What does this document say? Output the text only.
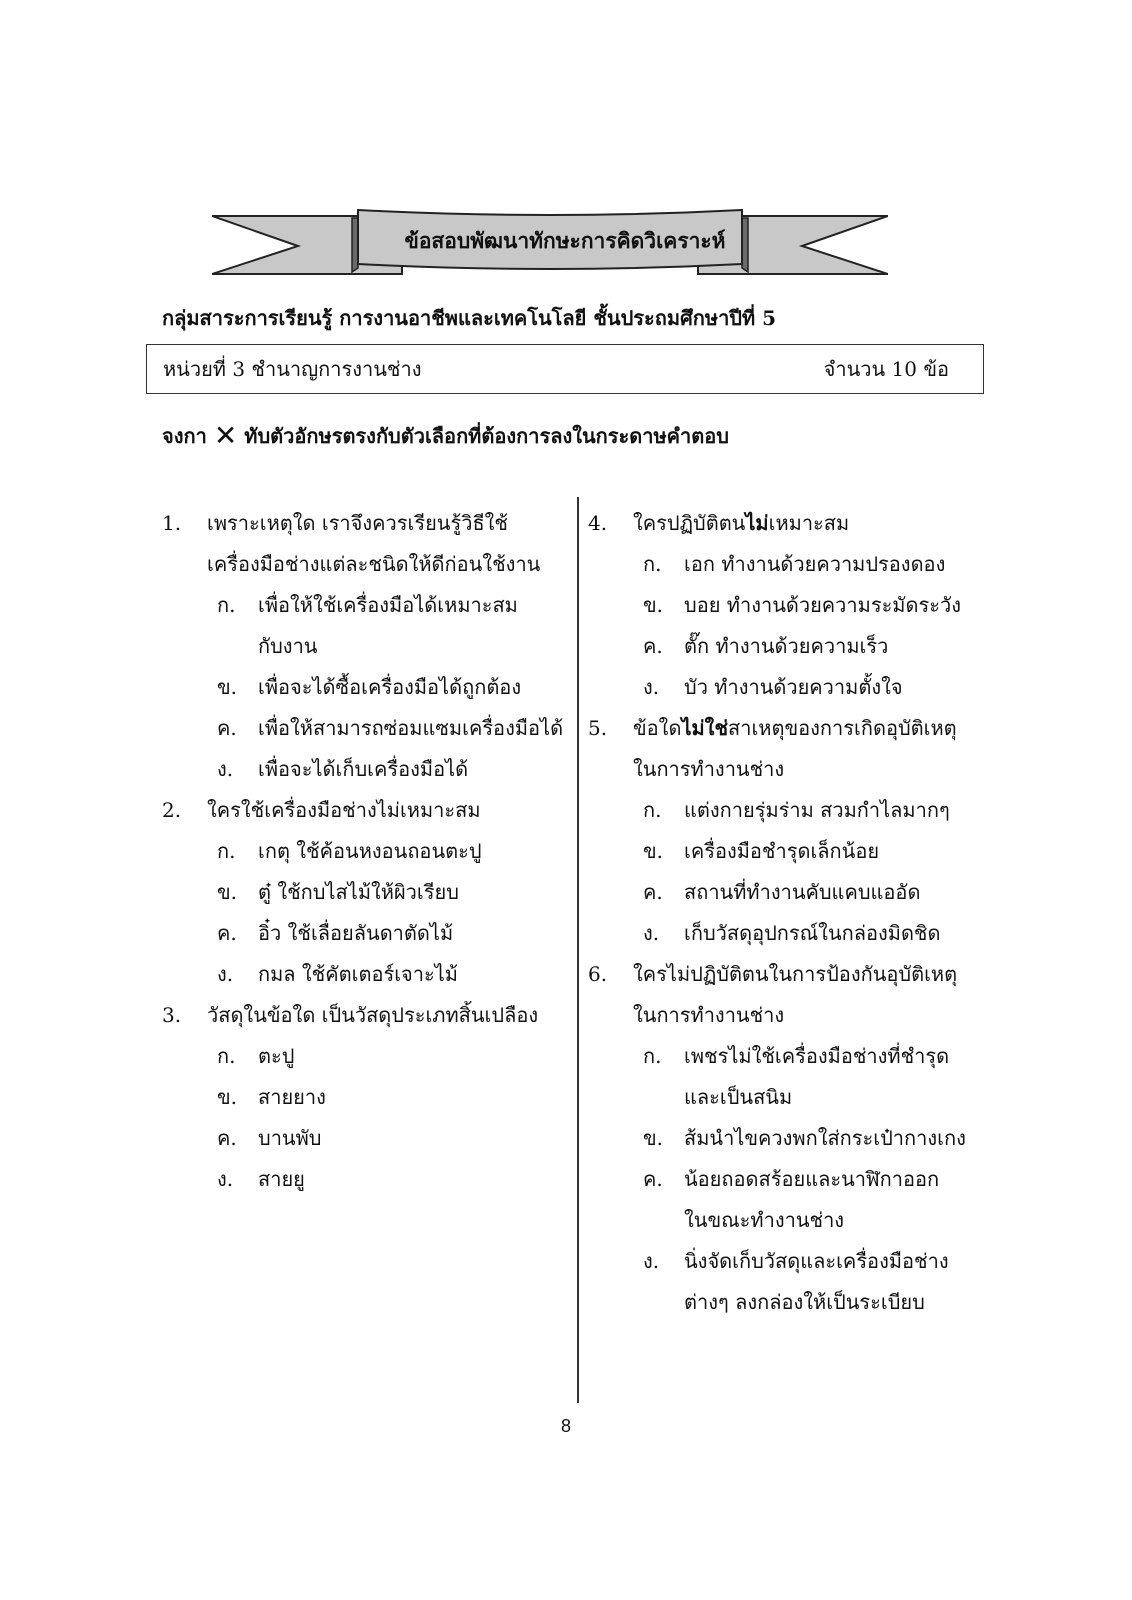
ข้อสอบพัฒนาทักษะการคิดวิเคราะห์
กลุ่มสาระการเรียนรู้ การงานอาชีพและเทคโนโลยี ชั้นประถมศึกษาปีที่ 5
หน่วยที่ 3 ชำนาญการงานช่าง	จำนวน 10 ข้อ
จงกา ✕ ทับตัวอักษรตรงกับตัวเลือกที่ต้องการลงในกระดาษคำตอบ
1. เพราะเหตุใด เราจึงควรเรียนรู้วิธีใช้
เครื่องมือช่างแต่ละชนิดให้ดีก่อนใช้งาน
ก. เพื่อให้ใช้เครื่องมือได้เหมาะสม
กับงาน
ข. เพื่อจะได้ซื้อเครื่องมือได้ถูกต้อง
ค. เพื่อให้สามารถซ่อมแซมเครื่องมือได้
ง. เพื่อจะได้เก็บเครื่องมือได้
2. ใครใช้เครื่องมือช่างไม่เหมาะสม
ก. เกตุ ใช้ค้อนหงอนถอนตะปู
ข. ตู๋ ใช้กบไสไม้ให้ผิวเรียบ
ค. อิ๋ว ใช้เลื่อยลันดาตัดไม้
ง. กมล ใช้คัตเตอร์เจาะไม้
3. วัสดุในข้อใด เป็นวัสดุประเภทสิ้นเปลือง
ก. ตะปู
ข. สายยาง
ค. บานพับ
ง. สายยู
4. ใครปฏิบัติตนไม่เหมาะสม
ก. เอก ทำงานด้วยความปรองดอง
ข. บอย ทำงานด้วยความระมัดระวัง
ค. ตั๊ก ทำงานด้วยความเร็ว
ง. บัว ทำงานด้วยความตั้งใจ
5. ข้อใดไม่ใช่สาเหตุของการเกิดอุบัติเหตุ
ในการทำงานช่าง
ก. แต่งกายรุ่มร่าม สวมกำไลมากๆ
ข. เครื่องมือชำรุดเล็กน้อย
ค. สถานที่ทำงานคับแคบแออัด
ง. เก็บวัสดุอุปกรณ์ในกล่องมิดชิด
6. ใครไม่ปฏิบัติตนในการป้องกันอุบัติเหตุ
ในการทำงานช่าง
ก. เพชรไม่ใช้เครื่องมือช่างที่ชำรุด
และเป็นสนิม
ข. ส้มนำไขควงพกใส่กระเป๋ากางเกง
ค. น้อยถอดสร้อยและนาฬิกาออก
ในขณะทำงานช่าง
ง. นิ่งจัดเก็บวัสดุและเครื่องมือช่าง
ต่างๆ ลงกล่องให้เป็นระเบียบ
8
